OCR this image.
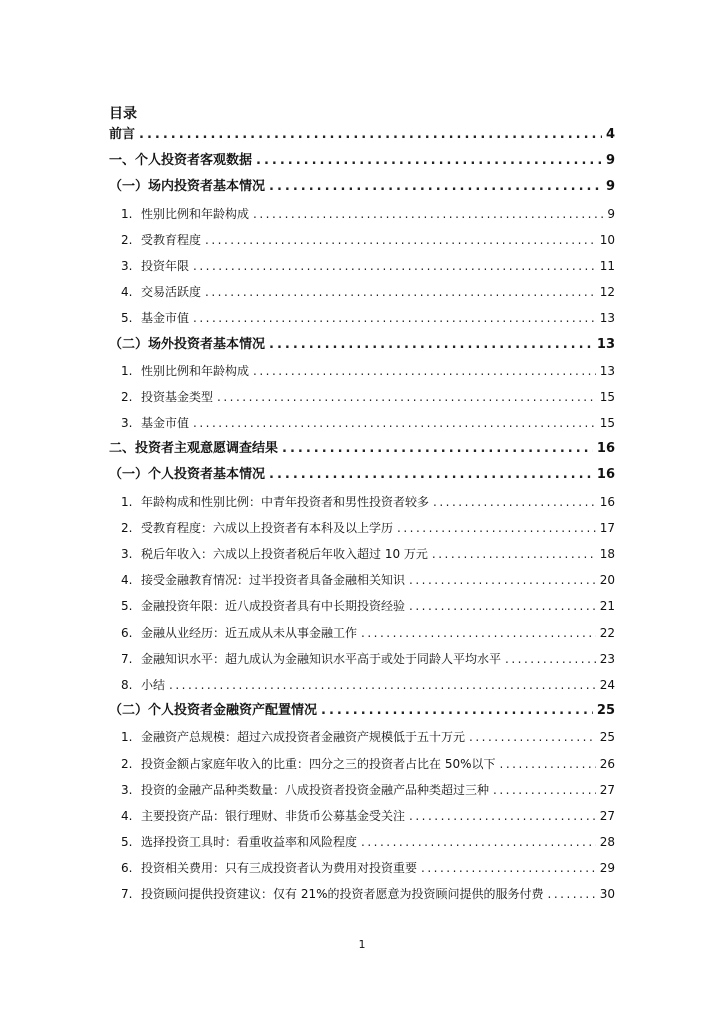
目录
前言 .....	4
一、个人投资者客观数据 .....	9
（一）场内投资者基本情况 .....	9
1. 性别比例和年龄构成 .....	9
2. 受教育程度 .....	10
3. 投资年限 .....	11
4. 交易活跃度 .....	12
5. 基金市值 .....	13
（二）场外投资者基本情况 .....	13
1. 性别比例和年龄构成 .....	13
2. 投资基金类型 .....	15
3. 基金市值 .....	15
二、投资者主观意愿调查结果 .....	16
（一）个人投资者基本情况 .....	16
1. 年龄构成和性别比例：中青年投资者和男性投资者较多 .....	16
2. 受教育程度：六成以上投资者有本科及以上学历 .....	17
3. 税后年收入：六成以上投资者税后年收入超过 10 万元 .....	18
4. 接受金融教育情况：过半投资者具备金融相关知识 .....	20
5. 金融投资年限：近八成投资者具有中长期投资经验 .....	21
6. 金融从业经历：近五成从未从事金融工作 .....	22
7. 金融知识水平：超九成认为金融知识水平高于或处于同龄人平均水平 .....	23
8. 小结 .....	24
（二）个人投资者金融资产配置情况 .....	25
1. 金融资产总规模：超过六成投资者金融资产规模低于五十万元 .....	25
2. 投资金额占家庭年收入的比重：四分之三的投资者占比在 50%以下 .....	26
3. 投资的金融产品种类数量：八成投资者投资金融产品种类超过三种 .....	27
4. 主要投资产品：银行理财、非货币公募基金受关注 .....	27
5. 选择投资工具时：看重收益率和风险程度 .....	28
6. 投资相关费用：只有三成投资者认为费用对投资重要 .....	29
7. 投资顾问提供投资建议：仅有 21%的投资者愿意为投资顾问提供的服务付费 .....	30
1
